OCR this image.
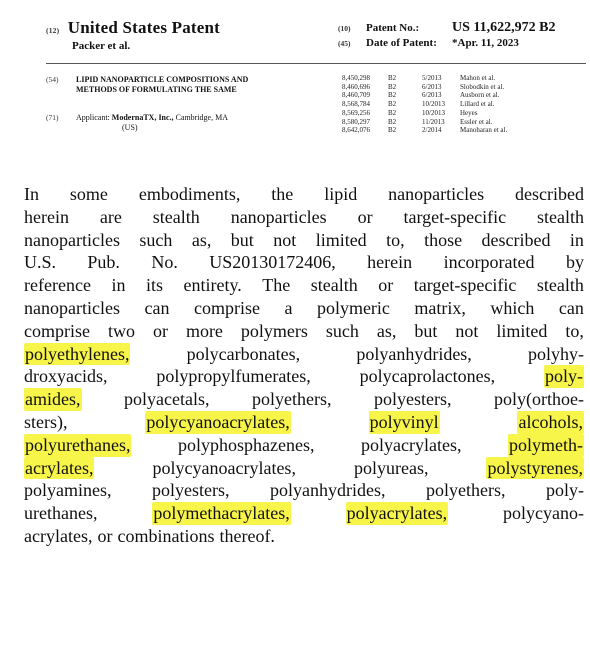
(12) United States Patent
Packer et al.
(10)	Patent No.:	US 11,622,972 B2
(45)	Date of Patent:	*Apr. 11, 2023
(54)	LIPID NANOPARTICLE COMPOSITIONS AND METHODS OF FORMULATING THE SAME
(71)	Applicant: ModernaTX, Inc., Cambridge, MA
(US)
8,450,298	B2	5/2013	Mahon et al.
8,460,696	B2	6/2013	Slobodkin et al.
8,460,709	B2	6/2013	Ausborn et al.
8,568,784	B2	10/2013	Lillard et al.
8,569,256	B2	10/2013	Heyes
8,580,297	B2	11/2013	Essler et al.
8,642,076	B2	2/2014	Manoharan et al.
In some embodiments, the lipid nanoparticles described
herein are stealth nanoparticles or target-specific stealth
nanoparticles such as, but not limited to, those described in
U.S. Pub. No. US20130172406, herein incorporated by
reference in its entirety. The stealth or target-specific stealth
nanoparticles can comprise a polymeric matrix, which can
comprise two or more polymers such as, but not limited to,
polyethylenes,	polycarbonates,	polyanhydrides,	polyhy-
droxyacids,	polypropylfumerates,	polycaprolactones,	poly-
amides, polyacetals, polyethers, polyesters, poly(orthoe-
sters),	polycyanoacrylates,	polyvinyl	alcohols,
polyurethanes,	polyphosphazenes,	polyacrylates,	polymeth-
acrylates,	polycyanoacrylates,	polyureas,	polystyrenes,
polyamines, polyesters, polyanhydrides, polyethers, poly-
urethanes,	polymethacrylates,	polyacrylates,	polycyano-
acrylates, or combinations thereof.
